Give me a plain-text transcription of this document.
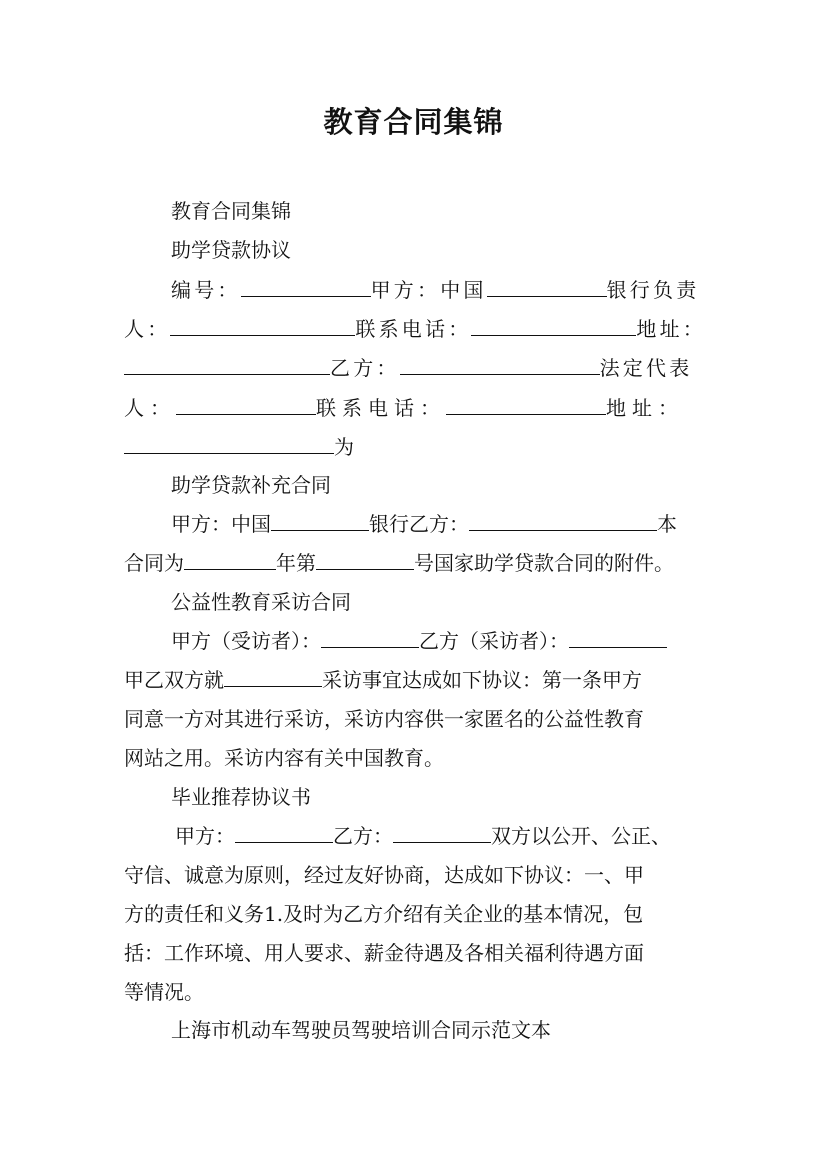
教育合同集锦
教育合同集锦
助学贷款协议
编号：	甲方：中国	银行负责
人：	联系电话：	地址：
乙方：	法定代表
人：	联系电话：	地址：
为
助学贷款补充合同
甲方：中国	银行乙方：	本
合同为	年第	号国家助学贷款合同的附件。
公益性教育采访合同
甲方（受访者）：	乙方（采访者）：
甲乙双方就	采访事宜达成如下协议：第一条甲方
同意一方对其进行采访，采访内容供一家匿名的公益性教育
网站之用。采访内容有关中国教育。
毕业推荐协议书
甲方：	乙方：	双方以公开、公正、
守信、诚意为原则，经过友好协商，达成如下协议：一、甲
方的责任和义务1.及时为乙方介绍有关企业的基本情况，包
括：工作环境、用人要求、薪金待遇及各相关福利待遇方面
等情况。
上海市机动车驾驶员驾驶培训合同示范文本
